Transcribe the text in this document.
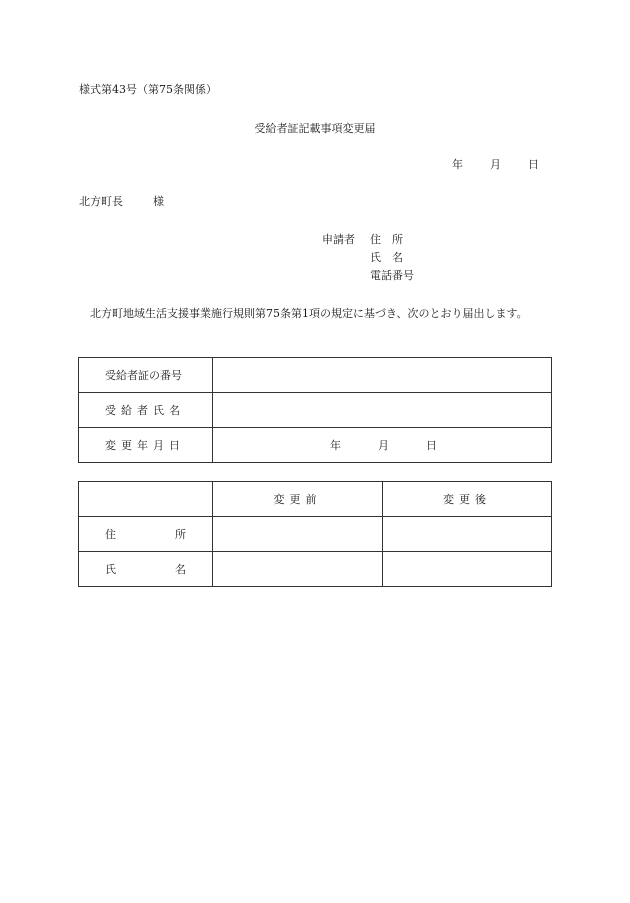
様式第43号（第75条関係）
受給者証記載事項変更届
年 月 日
北方町長	様
申請者 住　所
氏　名
電話番号
北方町地域生活支援事業施行規則第75条第1項の規定に基づき、次のとおり届出します。
受給者証の番号	
受給者氏名	
変更年月日	年 月 日
	変更前	変更後

住 所		

氏 名		
